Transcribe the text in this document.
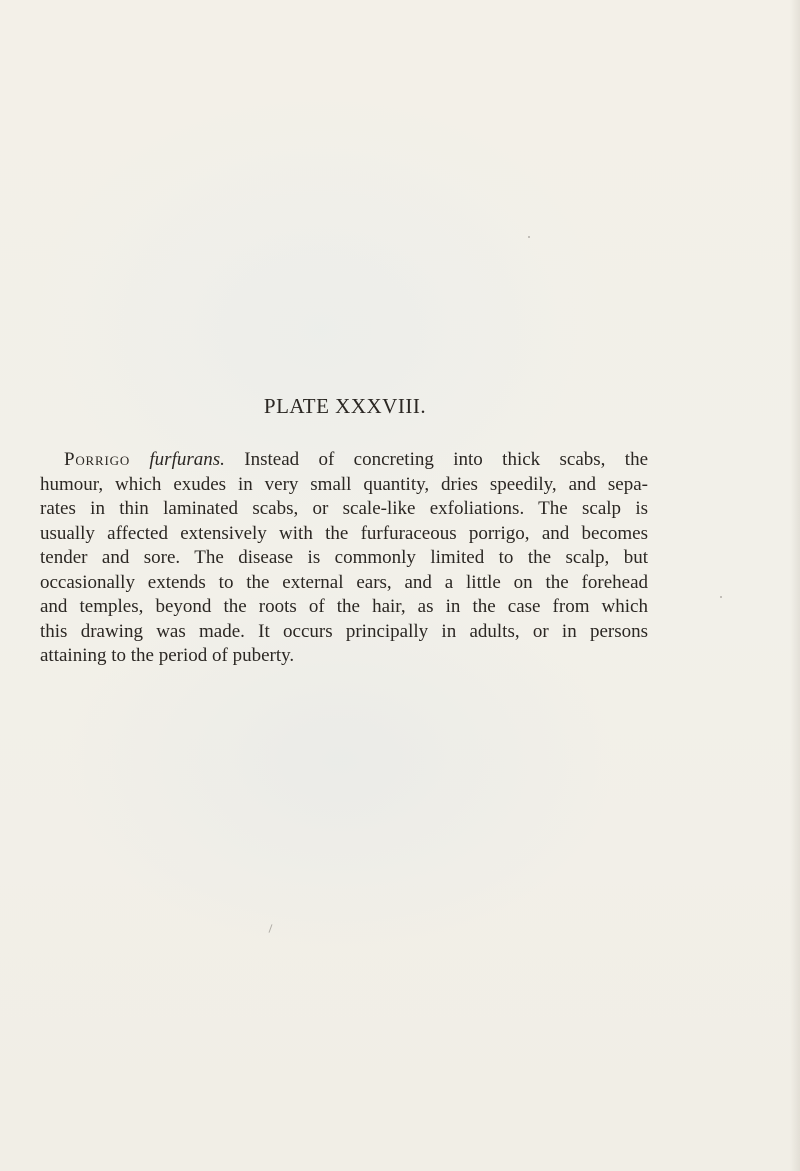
PLATE XXXVIII.
Porrigo furfurans. Instead of concreting into thick scabs, the
humour, which exudes in very small quantity, dries speedily, and sepa-
rates in thin laminated scabs, or scale-like exfoliations. The scalp is
usually affected extensively with the furfuraceous porrigo, and becomes
tender and sore. The disease is commonly limited to the scalp, but
occasionally extends to the external ears, and a little on the forehead
and temples, beyond the roots of the hair, as in the case from which
this drawing was made. It occurs principally in adults, or in persons
attaining to the period of puberty.
